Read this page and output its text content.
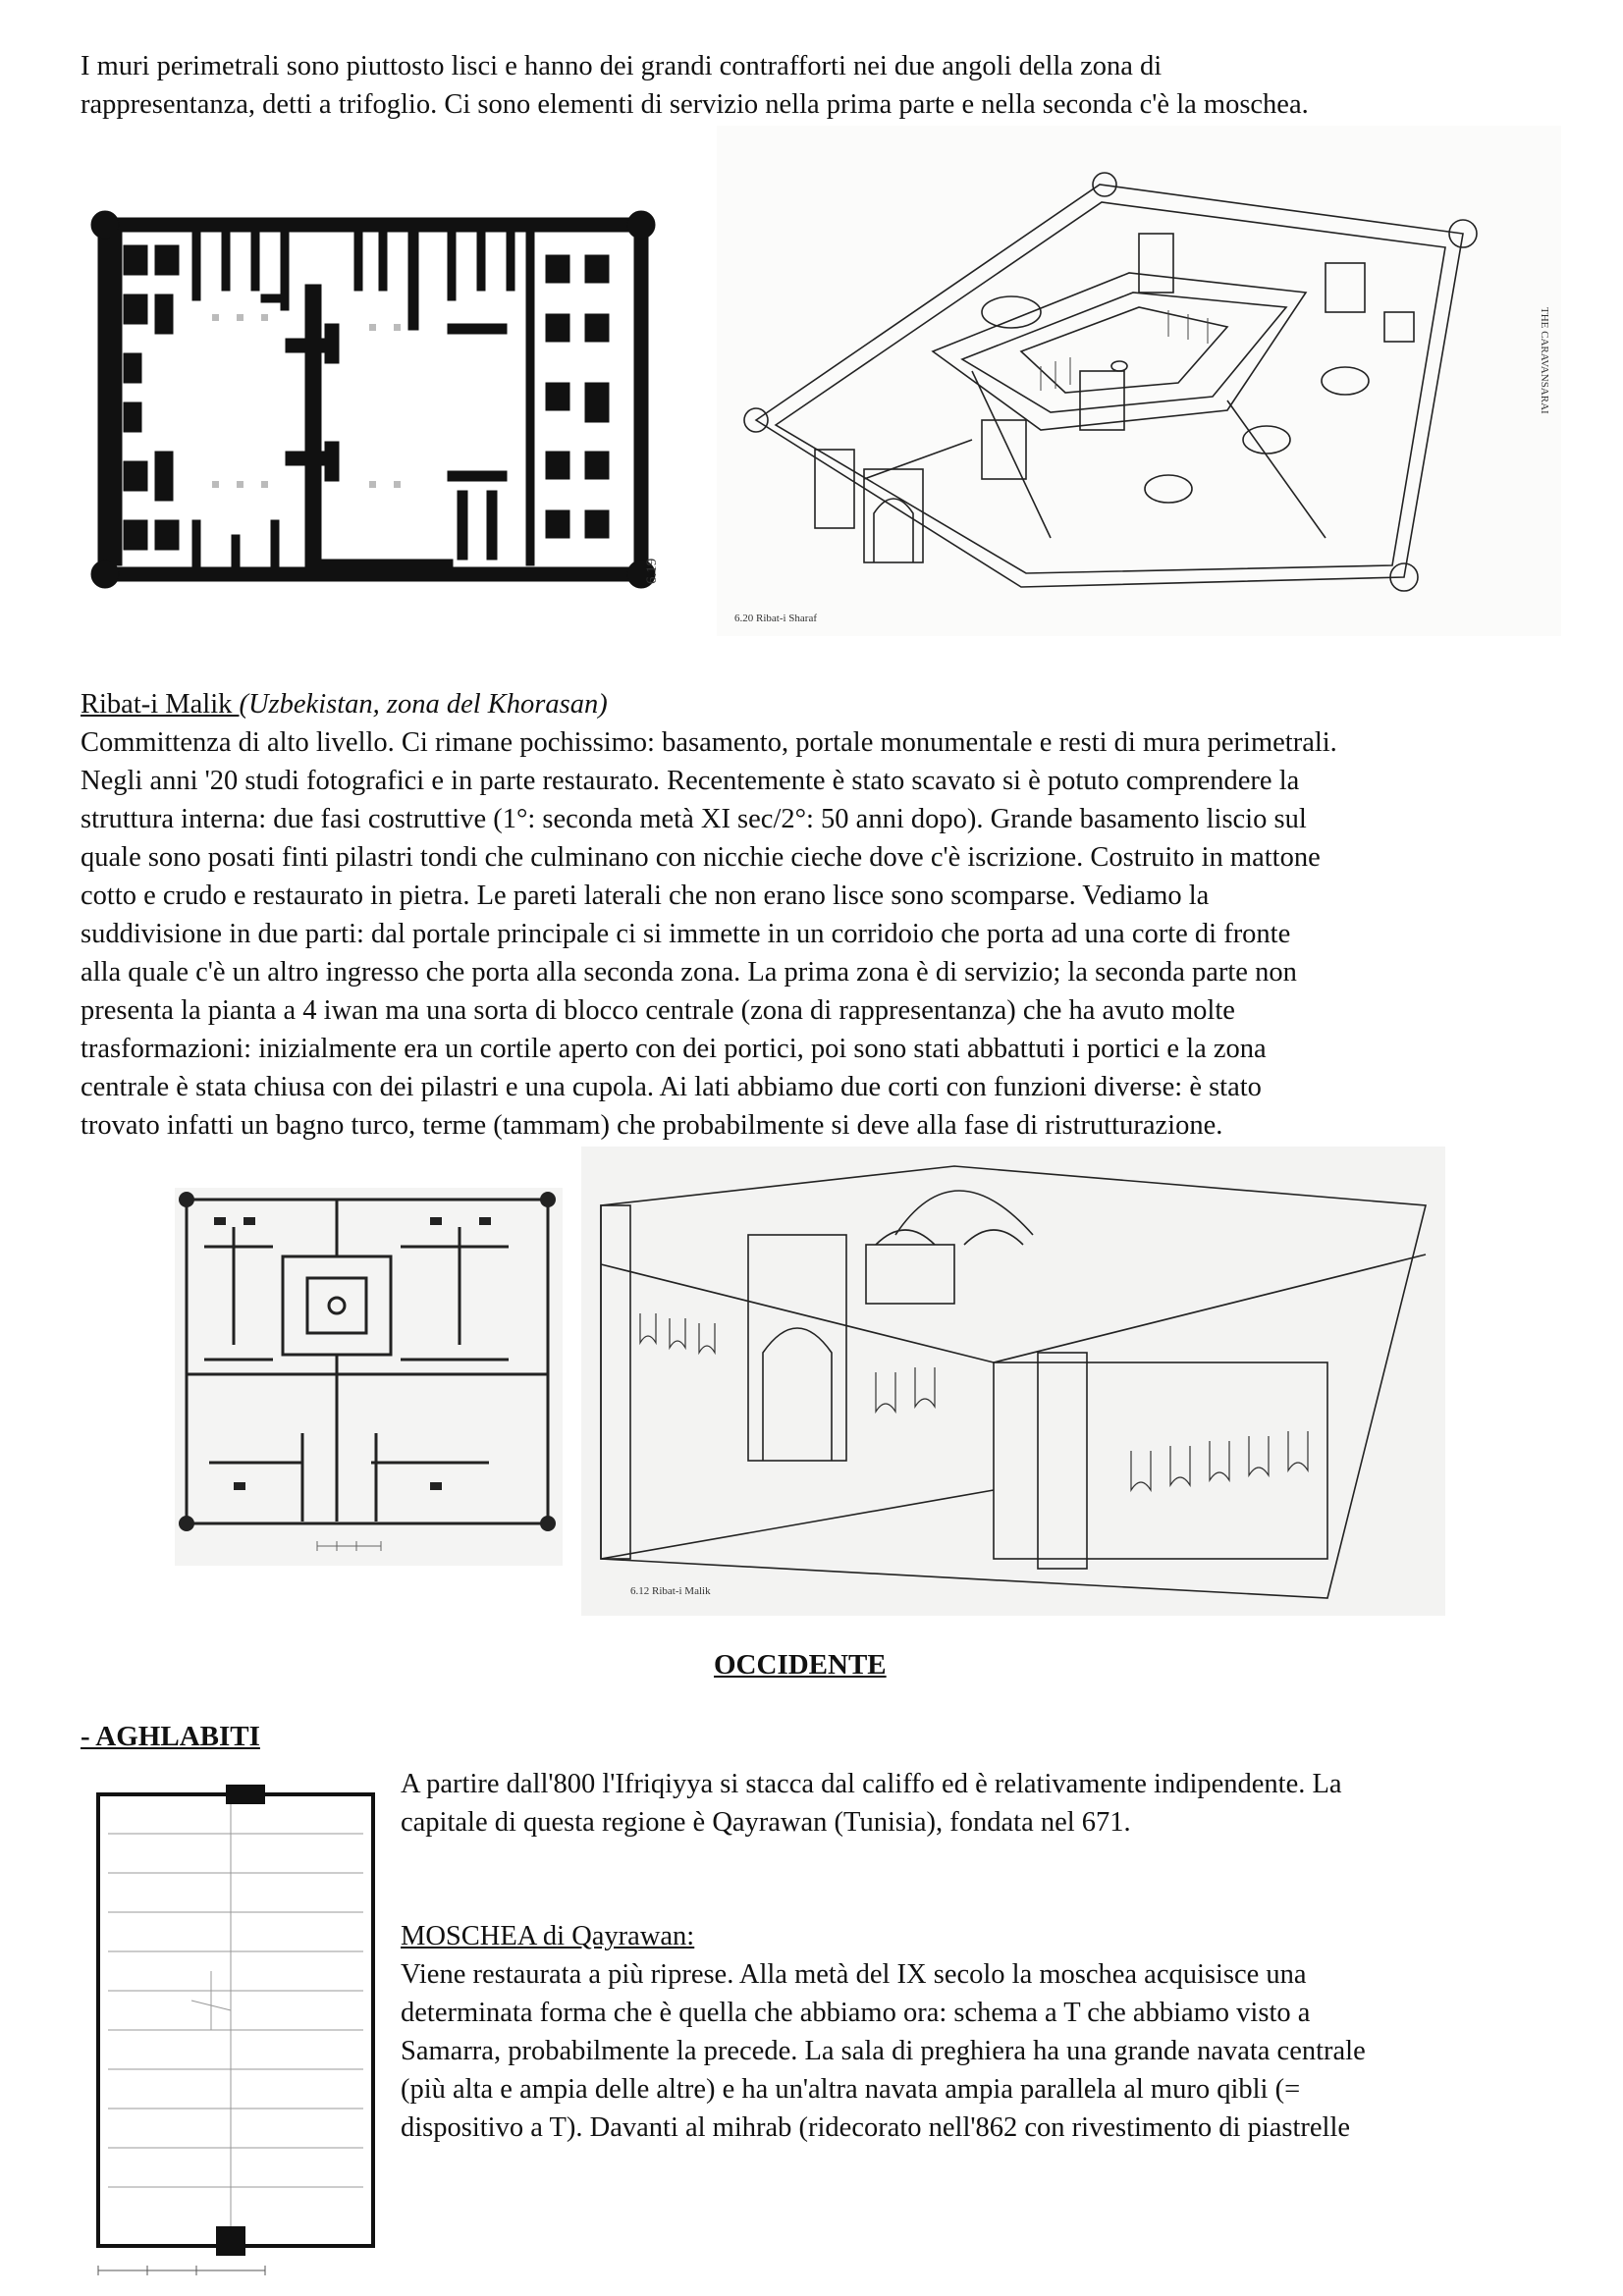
I muri perimetrali sono piuttosto lisci e hanno dei grandi contrafforti nei due angoli della zona di
rappresentanza, detti a trifoglio. Ci sono elementi di servizio nella prima parte e nella seconda c'è la moschea.

6.19
6.20 Ribat-i Sharaf
THE CARAVANSARAI

Ribat-i Malik (Uzbekistan, zona del Khorasan)
Committenza di alto livello. Ci rimane pochissimo: basamento, portale monumentale e resti di mura perimetrali.
Negli anni '20 studi fotografici e in parte restaurato. Recentemente è stato scavato si è potuto comprendere la
struttura interna: due fasi costruttive (1°: seconda metà XI sec/2°: 50 anni dopo). Grande basamento liscio sul
quale sono posati finti pilastri tondi che culminano con nicchie cieche dove c'è iscrizione. Costruito in mattone
cotto e crudo e restaurato in pietra. Le pareti laterali che non erano lisce sono scomparse. Vediamo la
suddivisione in due parti: dal portale principale ci si immette in un corridoio che porta ad una corte di fronte
alla quale c'è un altro ingresso che porta alla seconda zona. La prima zona è di servizio; la seconda parte non
presenta la pianta a 4 iwan ma una sorta di blocco centrale (zona di rappresentanza) che ha avuto molte
trasformazioni: inizialmente era un cortile aperto con dei portici, poi sono stati abbattuti i portici e la zona
centrale è stata chiusa con dei pilastri e una cupola. Ai lati abbiamo due corti con funzioni diverse: è stato
trovato infatti un bagno turco, terme (tammam) che probabilmente si deve alla fase di ristrutturazione.

6.12 Ribat-i Malik
OCCIDENTE
- AGHLABITI

A partire dall'800 l'Ifriqiyya si stacca dal califfo ed è relativamente indipendente. La
capitale di questa regione è Qayrawan (Tunisia), fondata nel 671.

MOSCHEA di Qayrawan:
Viene restaurata a più riprese. Alla metà del IX secolo la moschea acquisisce una
determinata forma che è quella che abbiamo ora: schema a T che abbiamo visto a
Samarra, probabilmente la precede. La sala di preghiera ha una grande navata centrale
(più alta e ampia delle altre) e ha un'altra navata ampia parallela al muro qibli (=
dispositivo a T). Davanti al mihrab (ridecorato nell'862 con rivestimento di piastrelle
